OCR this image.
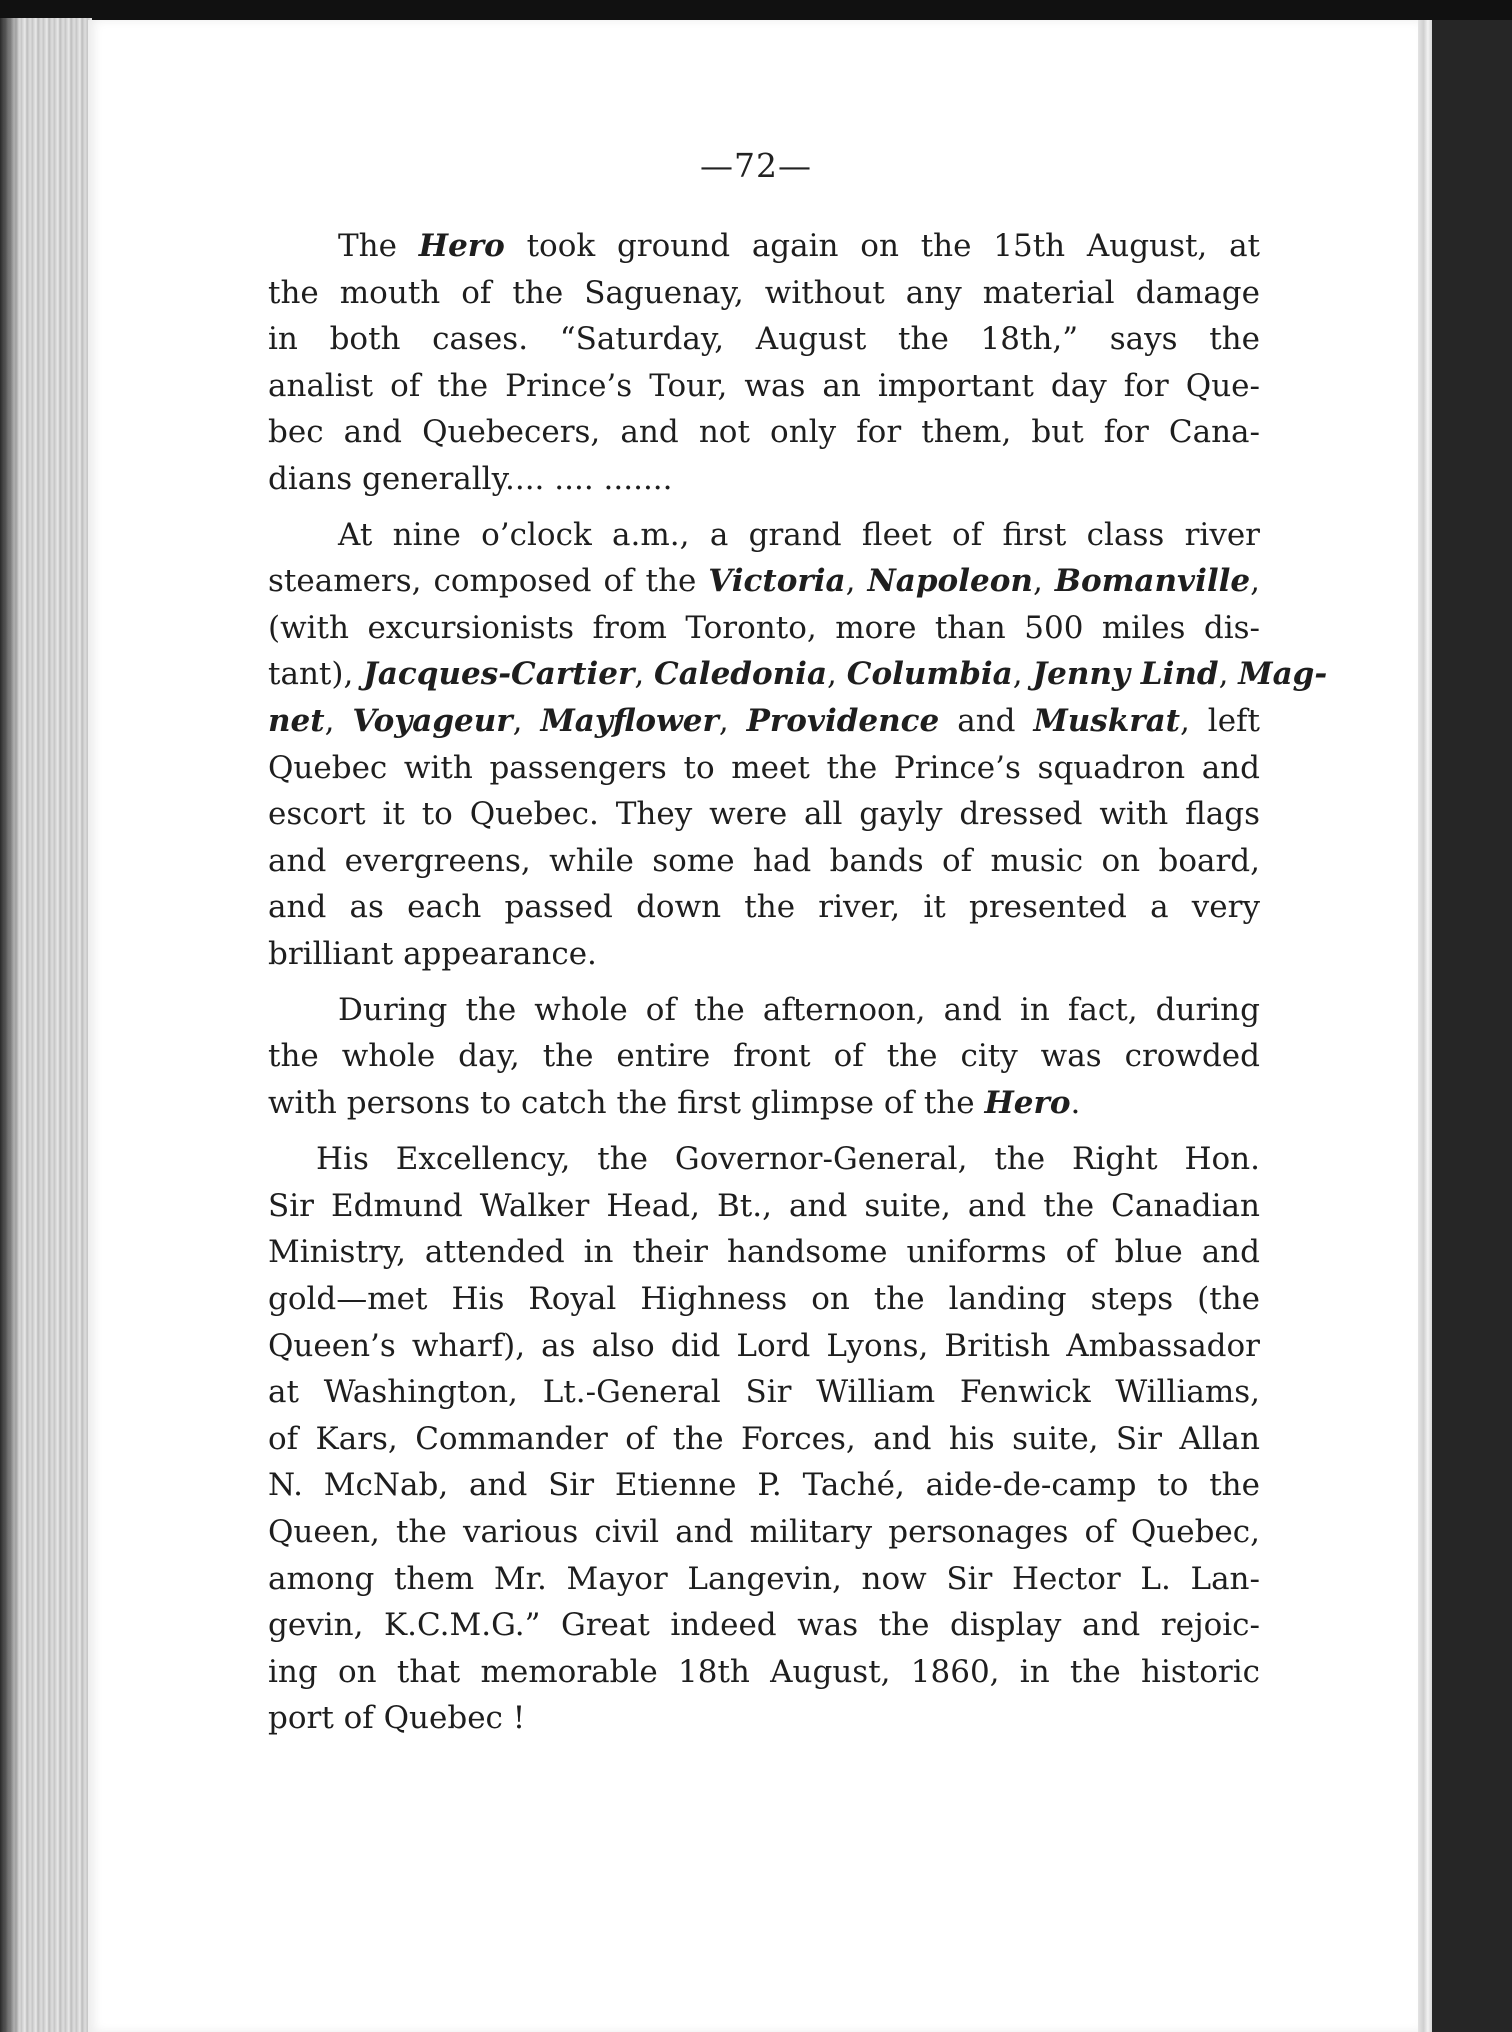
—72—
The Hero took ground again on the 15th August, at
the mouth of the Saguenay, without any material damage
in both cases. “Saturday, August the 18th,” says the
analist of the Prince’s Tour, was an important day for Que-
bec and Quebecers, and not only for them, but for Cana-
dians generally.... .... .......
At nine o’clock a.m., a grand fleet of first class river
steamers, composed of the Victoria, Napoleon, Bomanville,
(with excursionists from Toronto, more than 500 miles dis-
tant), Jacques-Cartier, Caledonia, Columbia, Jenny Lind, Mag-
net, Voyageur, Mayflower, Providence and Muskrat, left
Quebec with passengers to meet the Prince’s squadron and
escort it to Quebec. They were all gayly dressed with flags
and evergreens, while some had bands of music on board,
and as each passed down the river, it presented a very
brilliant appearance.
During the whole of the afternoon, and in fact, during
the whole day, the entire front of the city was crowded
with persons to catch the first glimpse of the Hero.
His Excellency, the Governor-General, the Right Hon.
Sir Edmund Walker Head, Bt., and suite, and the Canadian
Ministry, attended in their handsome uniforms of blue and
gold—met His Royal Highness on the landing steps (the
Queen’s wharf), as also did Lord Lyons, British Ambassador
at Washington, Lt.-General Sir William Fenwick Williams,
of Kars, Commander of the Forces, and his suite, Sir Allan
N. McNab, and Sir Etienne P. Taché, aide-de-camp to the
Queen, the various civil and military personages of Quebec,
among them Mr. Mayor Langevin, now Sir Hector L. Lan-
gevin, K.C.M.G.” Great indeed was the display and rejoic-
ing on that memorable 18th August, 1860, in the historic
port of Quebec !
